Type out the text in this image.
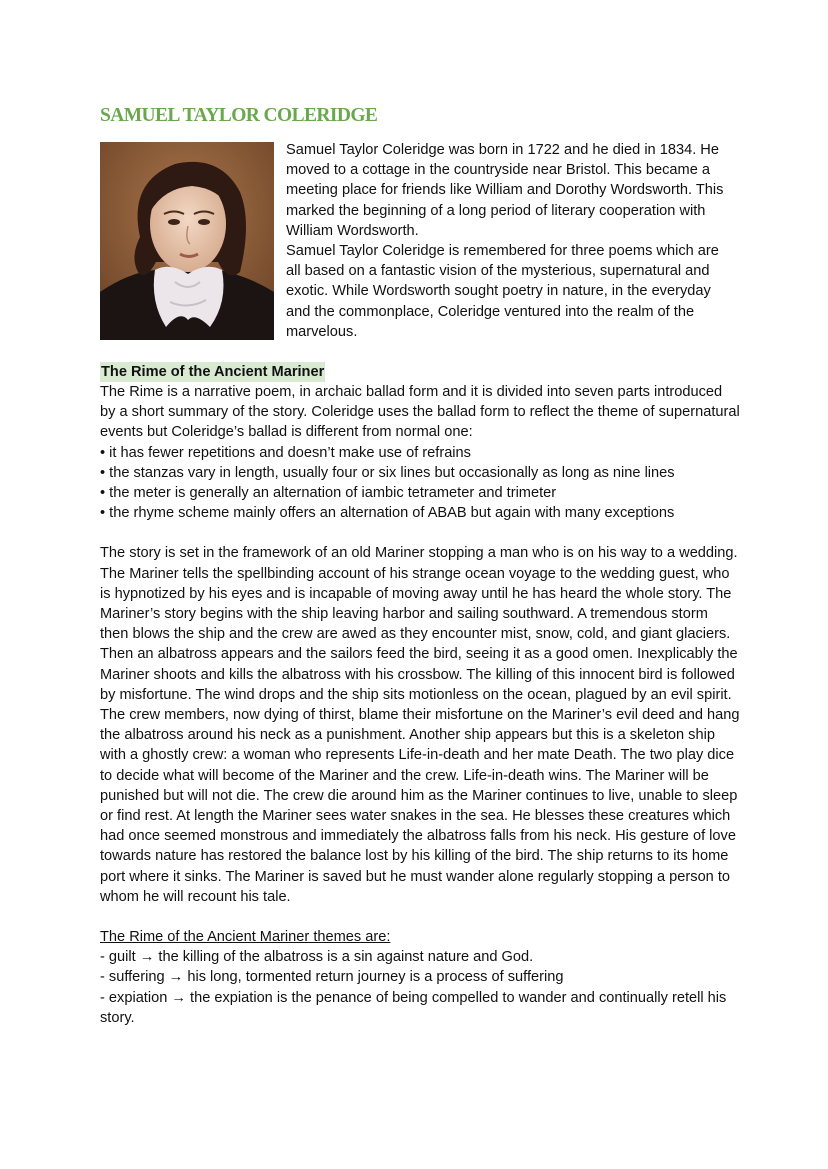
SAMUEL TAYLOR COLERIDGE

Samuel Taylor Coleridge was born in 1722 and he died in 1834. He moved to a cottage in the countryside near Bristol. This became a meeting place for friends like William and Dorothy Wordsworth. This marked the beginning of a long period of literary cooperation with William Wordsworth.

Samuel Taylor Coleridge is remembered for three poems which are all based on a fantastic vision of the mysterious, supernatural and exotic. While Wordsworth sought poetry in nature, in the everyday and the commonplace, Coleridge ventured into the realm of the marvelous.

The Rime of the Ancient Mariner

The Rime is a narrative poem, in archaic ballad form and it is divided into seven parts introduced by a short summary of the story. Coleridge uses the ballad form to reflect the theme of supernatural events but Coleridge’s ballad is different from normal one:

• it has fewer repetitions and doesn’t make use of refrains
• the stanzas vary in length, usually four or six lines but occasionally as long as nine lines
• the meter is generally an alternation of iambic tetrameter and trimeter
• the rhyme scheme mainly offers an alternation of ABAB but again with many exceptions

The story is set in the framework of an old Mariner stopping a man who is on his way to a wedding. The Mariner tells the spellbinding account of his strange ocean voyage to the wedding guest, who is hypnotized by his eyes and is incapable of moving away until he has heard the whole story. The Mariner’s story begins with the ship leaving harbor and sailing southward. A tremendous storm then blows the ship and the crew are awed as they encounter mist, snow, cold, and giant glaciers. Then an albatross appears and the sailors feed the bird, seeing it as a good omen. Inexplicably the Mariner shoots and kills the albatross with his crossbow. The killing of this innocent bird is followed by misfortune. The wind drops and the ship sits motionless on the ocean, plagued by an evil spirit. The crew members, now dying of thirst, blame their misfortune on the Mariner’s evil deed and hang the albatross around his neck as a punishment. Another ship appears but this is a skeleton ship with a ghostly crew: a woman who represents Life-in-death and her mate Death. The two play dice to decide what will become of the Mariner and the crew. Life-in-death wins. The Mariner will be punished but will not die. The crew die around him as the Mariner continues to live, unable to sleep or find rest. At length the Mariner sees water snakes in the sea. He blesses these creatures which had once seemed monstrous and immediately the albatross falls from his neck. His gesture of love towards nature has restored the balance lost by his killing of the bird. The ship returns to its home port where it sinks. The Mariner is saved but he must wander alone regularly stopping a person to whom he will recount his tale.

The Rime of the Ancient Mariner themes are:
- guilt → the killing of the albatross is a sin against nature and God.
- suffering → his long, tormented return journey is a process of suffering
- expiation → the expiation is the penance of being compelled to wander and continually retell his story.
